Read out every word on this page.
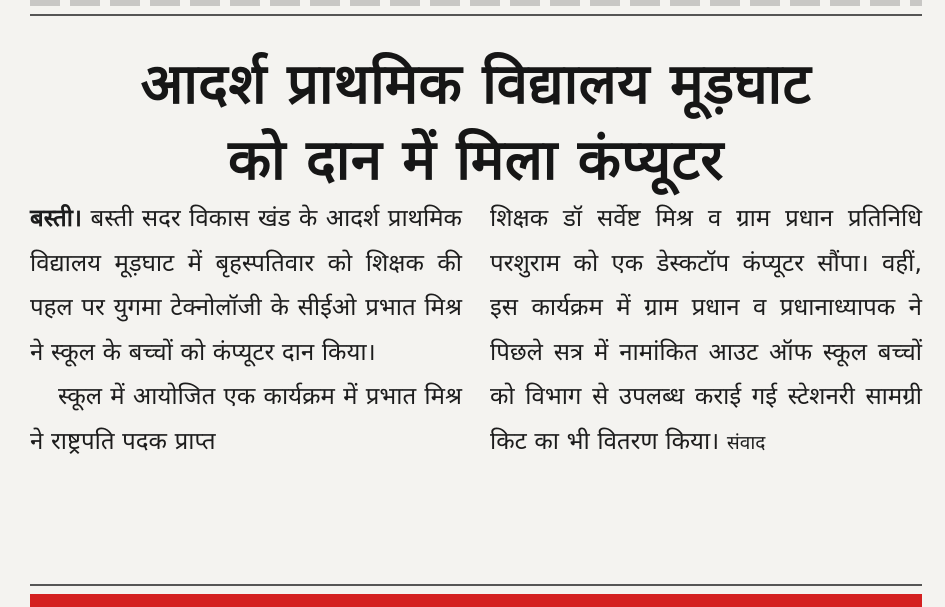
आदर्श प्राथमिक विद्यालय मूड़घाट
को दान में मिला कंप्यूटर

बस्ती। बस्ती सदर विकास खंड के आदर्श प्राथमिक विद्यालय मूड़घाट में बृहस्पतिवार को शिक्षक की पहल पर युगमा टेक्नोलॉजी के सीईओ प्रभात मिश्र ने स्कूल के बच्चों को कंप्यूटर दान किया।

स्कूल में आयोजित एक कार्यक्रम में प्रभात मिश्र ने राष्ट्रपति पदक प्राप्त

शिक्षक डॉ सर्वेष्ट मिश्र व ग्राम प्रधान प्रतिनिधि परशुराम को एक डेस्कटॉप कंप्यूटर सौंपा। वहीं, इस कार्यक्रम में ग्राम प्रधान व प्रधानाध्यापक ने पिछले सत्र में नामांकित आउट ऑफ स्कूल बच्चों को विभाग से उपलब्ध कराई गई स्टेशनरी सामग्री किट का भी वितरण किया। संवाद
